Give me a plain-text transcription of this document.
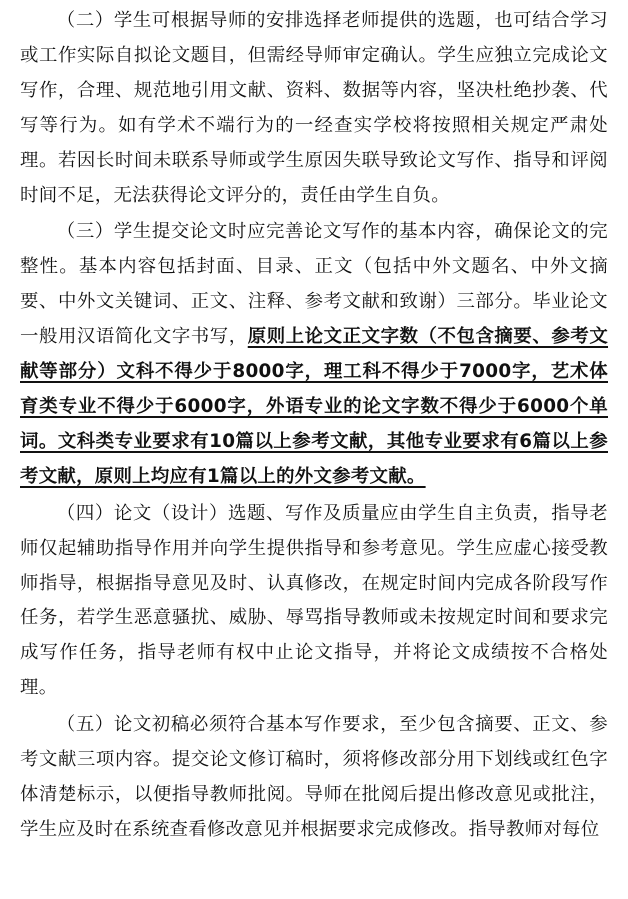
（二）学生可根据导师的安排选择老师提供的选题，也可结合学习或工作实际自拟论文题目，但需经导师审定确认。学生应独立完成论文写作，合理、规范地引用文献、资料、数据等内容，坚决杜绝抄袭、代写等行为。如有学术不端行为的一经查实学校将按照相关规定严肃处理。若因长时间未联系导师或学生原因失联导致论文写作、指导和评阅时间不足，无法获得论文评分的，责任由学生自负。

（三）学生提交论文时应完善论文写作的基本内容，确保论文的完整性。基本内容包括封面、目录、正文（包括中外文题名、中外文摘要、中外文关键词、正文、注释、参考文献和致谢）三部分。毕业论文一般用汉语简化文字书写，原则上论文正文字数（不包含摘要、参考文献等部分）文科不得少于8000字，理工科不得少于7000字，艺术体育类专业不得少于6000字，外语专业的论文字数不得少于6000个单词。文科类专业要求有10篇以上参考文献，其他专业要求有6篇以上参考文献，原则上均应有1篇以上的外文参考文献。

（四）论文（设计）选题、写作及质量应由学生自主负责，指导老师仅起辅助指导作用并向学生提供指导和参考意见。学生应虚心接受教师指导，根据指导意见及时、认真修改，在规定时间内完成各阶段写作任务，若学生恶意骚扰、威胁、辱骂指导教师或未按规定时间和要求完成写作任务，指导老师有权中止论文指导，并将论文成绩按不合格处理。

（五）论文初稿必须符合基本写作要求，至少包含摘要、正文、参考文献三项内容。提交论文修订稿时，须将修改部分用下划线或红色字体清楚标示，以便指导教师批阅。导师在批阅后提出修改意见或批注，学生应及时在系统查看修改意见并根据要求完成修改。指导教师对每位
